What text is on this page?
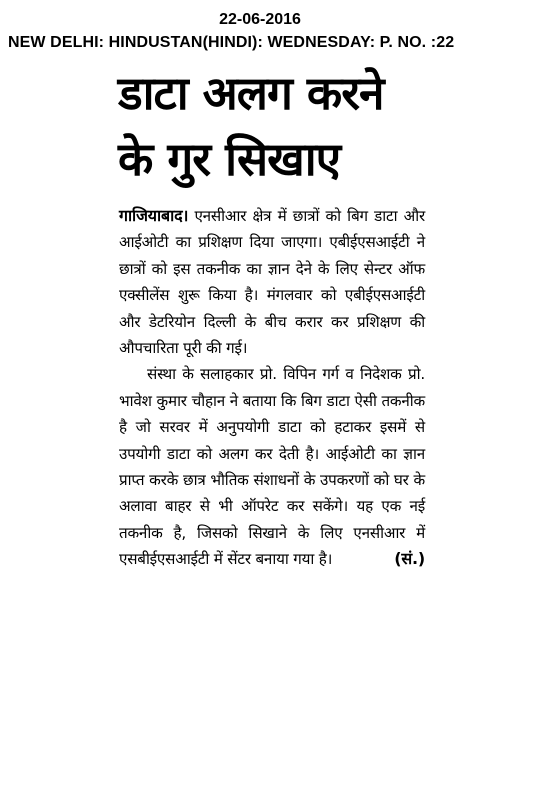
22-06-2016
NEW DELHI: HINDUSTAN(HINDI): WEDNESDAY: P. NO. :22
डाटा अलग करने
के गुर सिखाए

गाजियाबाद। एनसीआर क्षेत्र में छात्रों को बिग डाटा और आईओटी का प्रशिक्षण दिया जाएगा। एबीईएसआईटी ने छात्रों को इस तकनीक का ज्ञान देने के लिए सेन्टर ऑफ एक्सीलेंस शुरू किया है। मंगलवार को एबीईएसआईटी और डेटरियोन दिल्ली के बीच करार कर प्रशिक्षण की औपचारिता पूरी की गई।

संस्था के सलाहकार प्रो. विपिन गर्ग व निदेशक प्रो. भावेश कुमार चौहान ने बताया कि बिग डाटा ऐसी तकनीक है जो सरवर में अनुपयोगी डाटा को हटाकर इसमें से उपयोगी डाटा को अलग कर देती है। आईओटी का ज्ञान प्राप्त करके छात्र भौतिक संशाधनों के उपकरणों को घर के अलावा बाहर से भी ऑपरेट कर सकेंगे। यह एक नई तकनीक है, जिसको सिखाने के लिए एनसीआर में एसबीईएसआईटी में सेंटर बनाया गया है।	(सं.)
